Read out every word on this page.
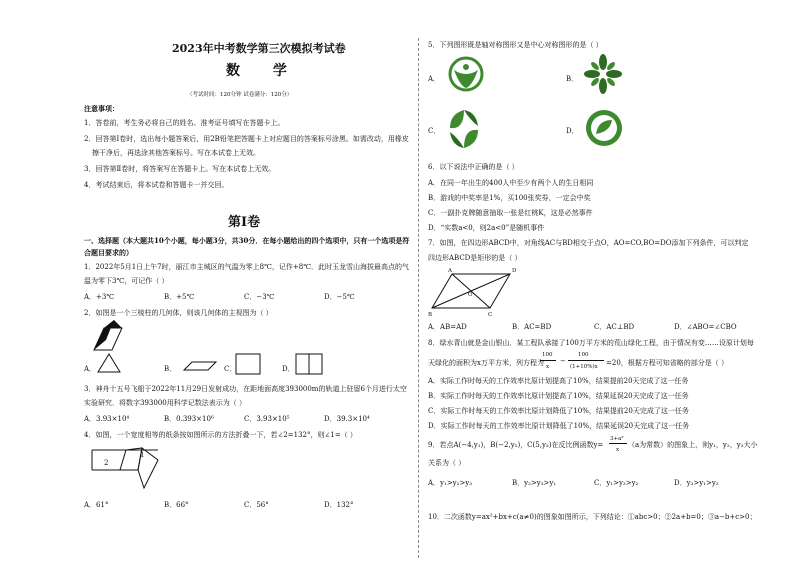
2023年中考数学第三次模拟考试卷
数 学
（考试时间：120分钟 试卷满分：120分）
注意事项：
1．答卷前，考生务必将自己的姓名、准考证号填写在答题卡上。
2．回答第Ⅰ卷时，选出每小题答案后，用2B铅笔把答题卡上对应题目的答案标号涂黑。如需改动，用橡皮
擦干净后，再选涂其他答案标号。写在本试卷上无效。
3．回答第Ⅱ卷时，将答案写在答题卡上。写在本试卷上无效。
4．考试结束后，将本试卷和答题卡一并交回。
第Ⅰ卷
一、选择题（本大题共10个小题，每小题3分，共30分．在每小题给出的四个选项中，只有一个选项是符
合题目要求的）
1．2022年5月1日上午7时，丽江市主城区的气温为零上8℃，记作+8℃．此时玉龙雪山海拔最高点的气
温为零下3℃，可记作（ ）
A．+3℃	B．+5℃	C．−3℃	D．−5℃
2．如图是一个三棱柱的几何体，则该几何体的主视图为（ ）
A．	B．	C．	D．
3．神舟十五号飞船于2022年11月29日发射成功，在距地面高度393000m的轨道上驻留6个月进行太空
实验研究．将数字393000用科学记数法表示为（ ）
A．3.93×10⁴	B．0.393×10⁶	C．3.93×10⁵	D．39.3×10⁴
4．如图，一个宽度相等的纸条按如图所示的方法折叠一下，若∠2=132°，则∠1=（ ）
2
1
A．61°	B．66°	C．56°	D．132°
5．下列图形既是轴对称图形又是中心对称图形的是（ ）
A．	B．
C．	D．
6．以下说法中正确的是（ ）
A．在同一年出生的400人中至少有两个人的生日相同
B．游戏的中奖率是1%，买100张奖券，一定会中奖
C．一副扑克牌随意抽取一张是红桃K，这是必然事件
D．“实数a<0，则2a<0”是随机事件
7．如图，在四边形ABCD中，对角线AC与BD相交于点O，AO=CO,BO=DO添加下列条件，可以判定
四边形ABCD是矩形的是（ ）
A	D
O
B	C
A．AB=AD	B．AC=BD	C．AC⊥BD	D．∠ABO=∠CBO
8．绿水青山就是金山银山．某工程队承接了100万平方米的荒山绿化工程，由于情况有变……设原计划每
天绿化的面积为x万平方米，列方程为
100
x
−
100
(1+10%)x =20，根据方程可知省略的部分是（ ）
A．实际工作时每天的工作效率比原计划提高了10%，结果提前20天完成了这一任务
B．实际工作时每天的工作效率比原计划提高了10%，结果延误20天完成了这一任务
C．实际工作时每天的工作效率比原计划降低了10%，结果提前20天完成了这一任务
D．实际工作时每天的工作效率比原计划降低了10%，结果延误20天完成了这一任务
9．若点A(−4,y₁)，B(−2,y₂)，C(5,y₃)在反比例函数y=
3+a²
x
（a为常数）的图象上，则y₁，y₂，y₃大小
关系为（ ）
A．y₁>y₂>y₃	B．y₂>y₃>y₁	C．y₁>y₃>y₂	D．y₃>y₁>y₂
10．二次函数y=ax²+bx+c(a≠0)的图象如图所示，下列结论：①abc>0；②2a+b=0；③a−b+c>0；
